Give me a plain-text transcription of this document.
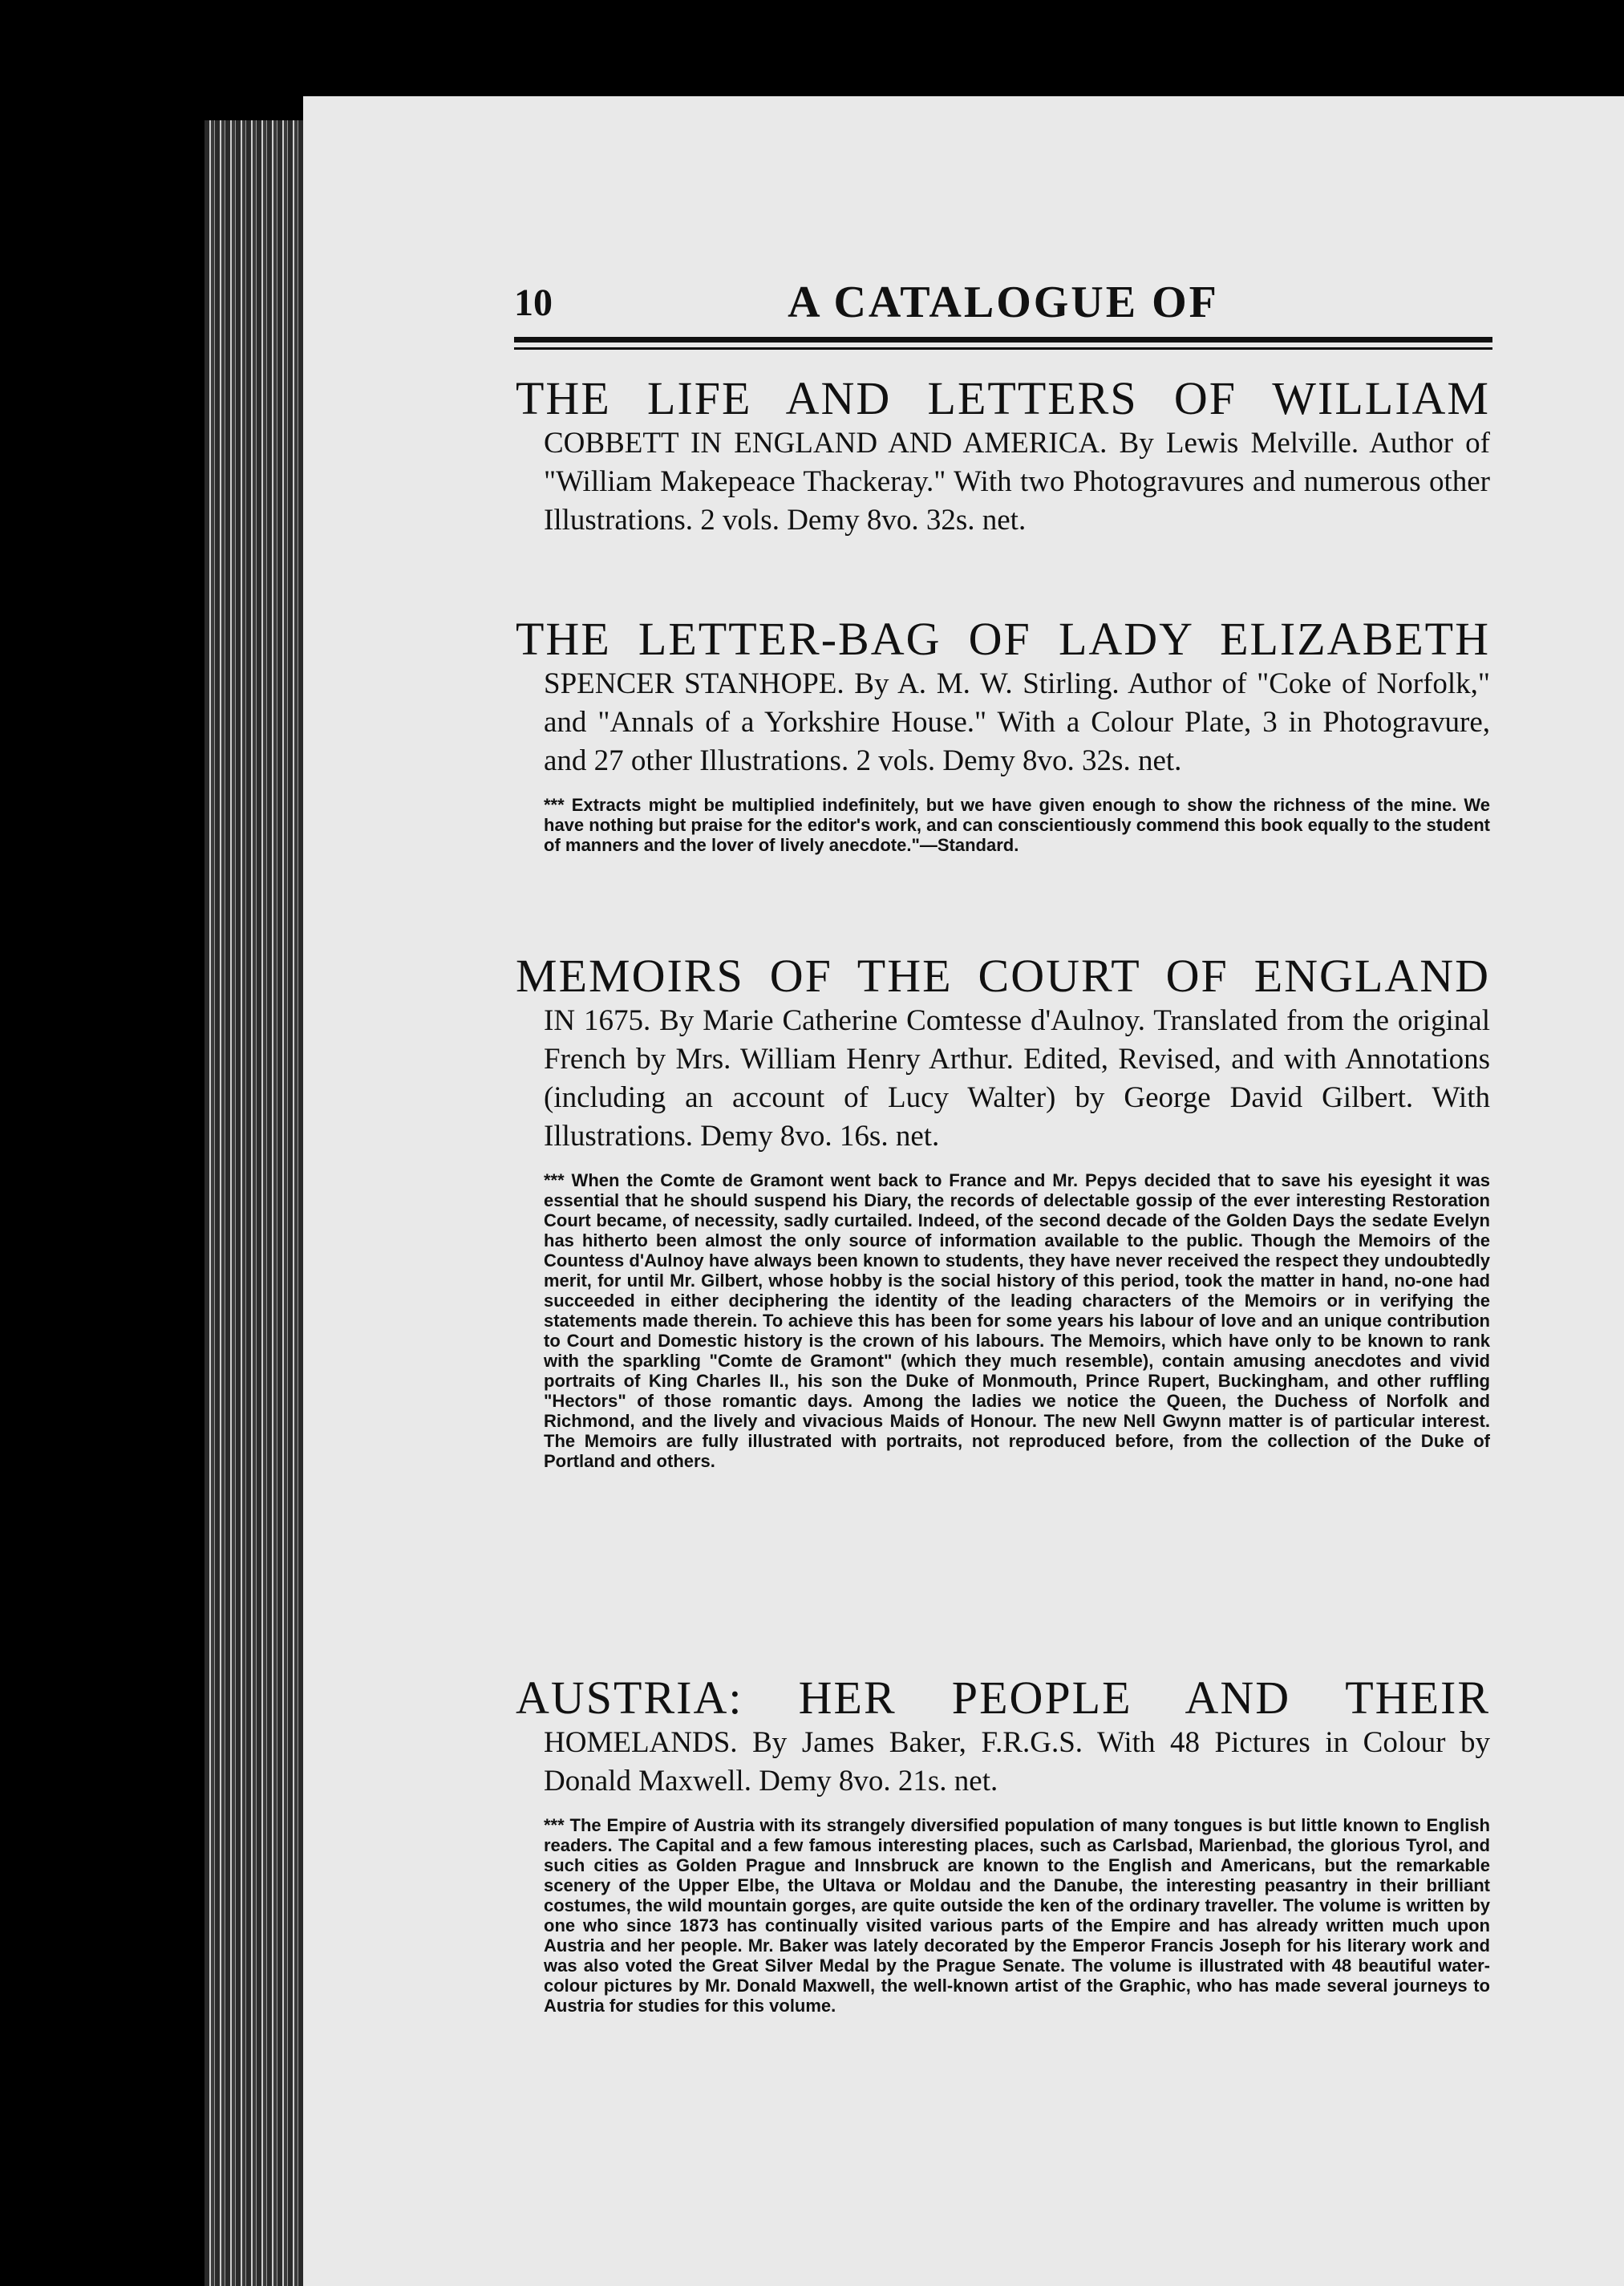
10	A CATALOGUE OF
THE LIFE AND LETTERS OF WILLIAM
COBBETT IN ENGLAND AND AMERICA. By Lewis Melville. Author of "William Makepeace Thackeray." With two Photogravures and numerous other Illustrations. 2 vols. Demy 8vo. 32s. net.
THE LETTER-BAG OF LADY ELIZABETH
SPENCER STANHOPE. By A. M. W. Stirling. Author of "Coke of Norfolk," and "Annals of a Yorkshire House." With a Colour Plate, 3 in Photogravure, and 27 other Illustrations. 2 vols. Demy 8vo. 32s. net.
*** Extracts might be multiplied indefinitely, but we have given enough to show the richness of the mine. We have nothing but praise for the editor's work, and can conscientiously commend this book equally to the student of manners and the lover of lively anecdote."—Standard.
MEMOIRS OF THE COURT OF ENGLAND
IN 1675. By Marie Catherine Comtesse d'Aulnoy. Translated from the original French by Mrs. William Henry Arthur. Edited, Revised, and with Annotations (including an account of Lucy Walter) by George David Gilbert. With Illustrations. Demy 8vo. 16s. net.
*** When the Comte de Gramont went back to France and Mr. Pepys decided that to save his eyesight it was essential that he should suspend his Diary, the records of delectable gossip of the ever interesting Restoration Court became, of necessity, sadly curtailed. Indeed, of the second decade of the Golden Days the sedate Evelyn has hitherto been almost the only source of information available to the public. Though the Memoirs of the Countess d'Aulnoy have always been known to students, they have never received the respect they undoubtedly merit, for until Mr. Gilbert, whose hobby is the social history of this period, took the matter in hand, no-one had succeeded in either deciphering the identity of the leading characters of the Memoirs or in verifying the statements made therein. To achieve this has been for some years his labour of love and an unique contribution to Court and Domestic history is the crown of his labours. The Memoirs, which have only to be known to rank with the sparkling "Comte de Gramont" (which they much resemble), contain amusing anecdotes and vivid portraits of King Charles II., his son the Duke of Monmouth, Prince Rupert, Buckingham, and other ruffling "Hectors" of those romantic days. Among the ladies we notice the Queen, the Duchess of Norfolk and Richmond, and the lively and vivacious Maids of Honour. The new Nell Gwynn matter is of particular interest. The Memoirs are fully illustrated with portraits, not reproduced before, from the collection of the Duke of Portland and others.
AUSTRIA: HER PEOPLE AND THEIR
HOMELANDS. By James Baker, F.R.G.S. With 48 Pictures in Colour by Donald Maxwell. Demy 8vo. 21s. net.
*** The Empire of Austria with its strangely diversified population of many tongues is but little known to English readers. The Capital and a few famous interesting places, such as Carlsbad, Marienbad, the glorious Tyrol, and such cities as Golden Prague and Innsbruck are known to the English and Americans, but the remarkable scenery of the Upper Elbe, the Ultava or Moldau and the Danube, the interesting peasantry in their brilliant costumes, the wild mountain gorges, are quite outside the ken of the ordinary traveller. The volume is written by one who since 1873 has continually visited various parts of the Empire and has already written much upon Austria and her people. Mr. Baker was lately decorated by the Emperor Francis Joseph for his literary work and was also voted the Great Silver Medal by the Prague Senate. The volume is illustrated with 48 beautiful water-colour pictures by Mr. Donald Maxwell, the well-known artist of the Graphic, who has made several journeys to Austria for studies for this volume.
